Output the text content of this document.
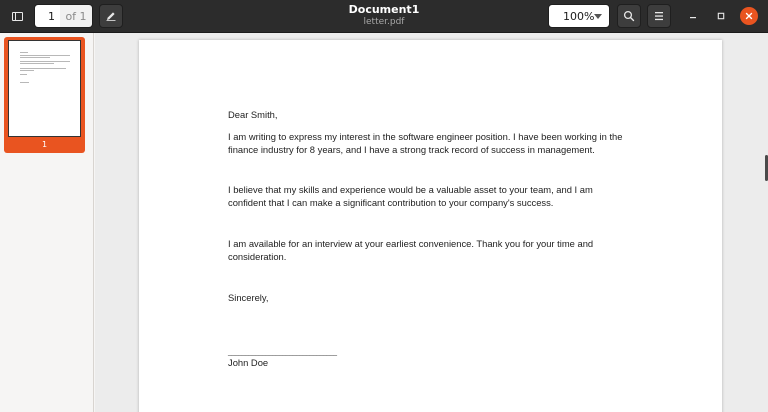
1
of 1	Document1
letter.pdf	100%
1

Dear Smith,

I am writing to express my interest in the software engineer position. I have been working in the finance industry for 8 years, and I have a strong track record of success in management.

I believe that my skills and experience would be a valuable asset to your team, and I am confident that I can make a significant contribution to your company's success.

I am available for an interview at your earliest convenience. Thank you for your time and consideration.

Sincerely,

________________________________

John Doe
